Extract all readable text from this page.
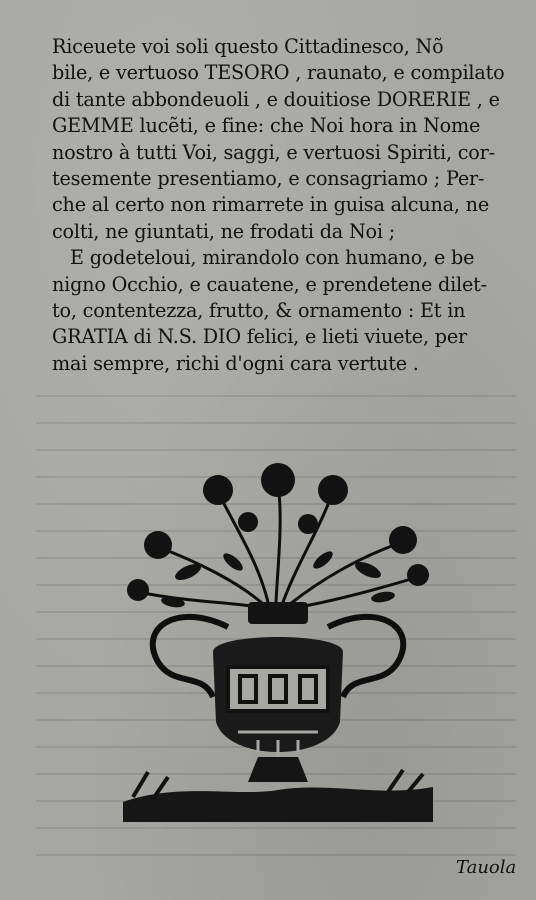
Riceuete voi soli questo Cittadinesco, Nõ
bile, e vertuoso TESORO , raunato, e compilato
di tante abbondeuoli , e douitiose DORERIE , e
GEMME lucẽti, e fine: che Noi hora in Nome
nostro à tutti Voi, saggi, e vertuosi Spiriti, cor-
tesemente presentiamo, e consagriamo ; Per-
che al certo non rimarrete in guisa alcuna, ne
colti, ne giuntati, ne frodati da Noi ;
E godeteloui, mirandolo con humano, e be
nigno Occhio, e cauatene, e prendetene dilet-
to, contentezza, frutto, & ornamento : Et in
GRATIA di N.S. DIO felici, e lieti viuete, per
mai sempre, richi d'ogni cara vertute .
Tauola
